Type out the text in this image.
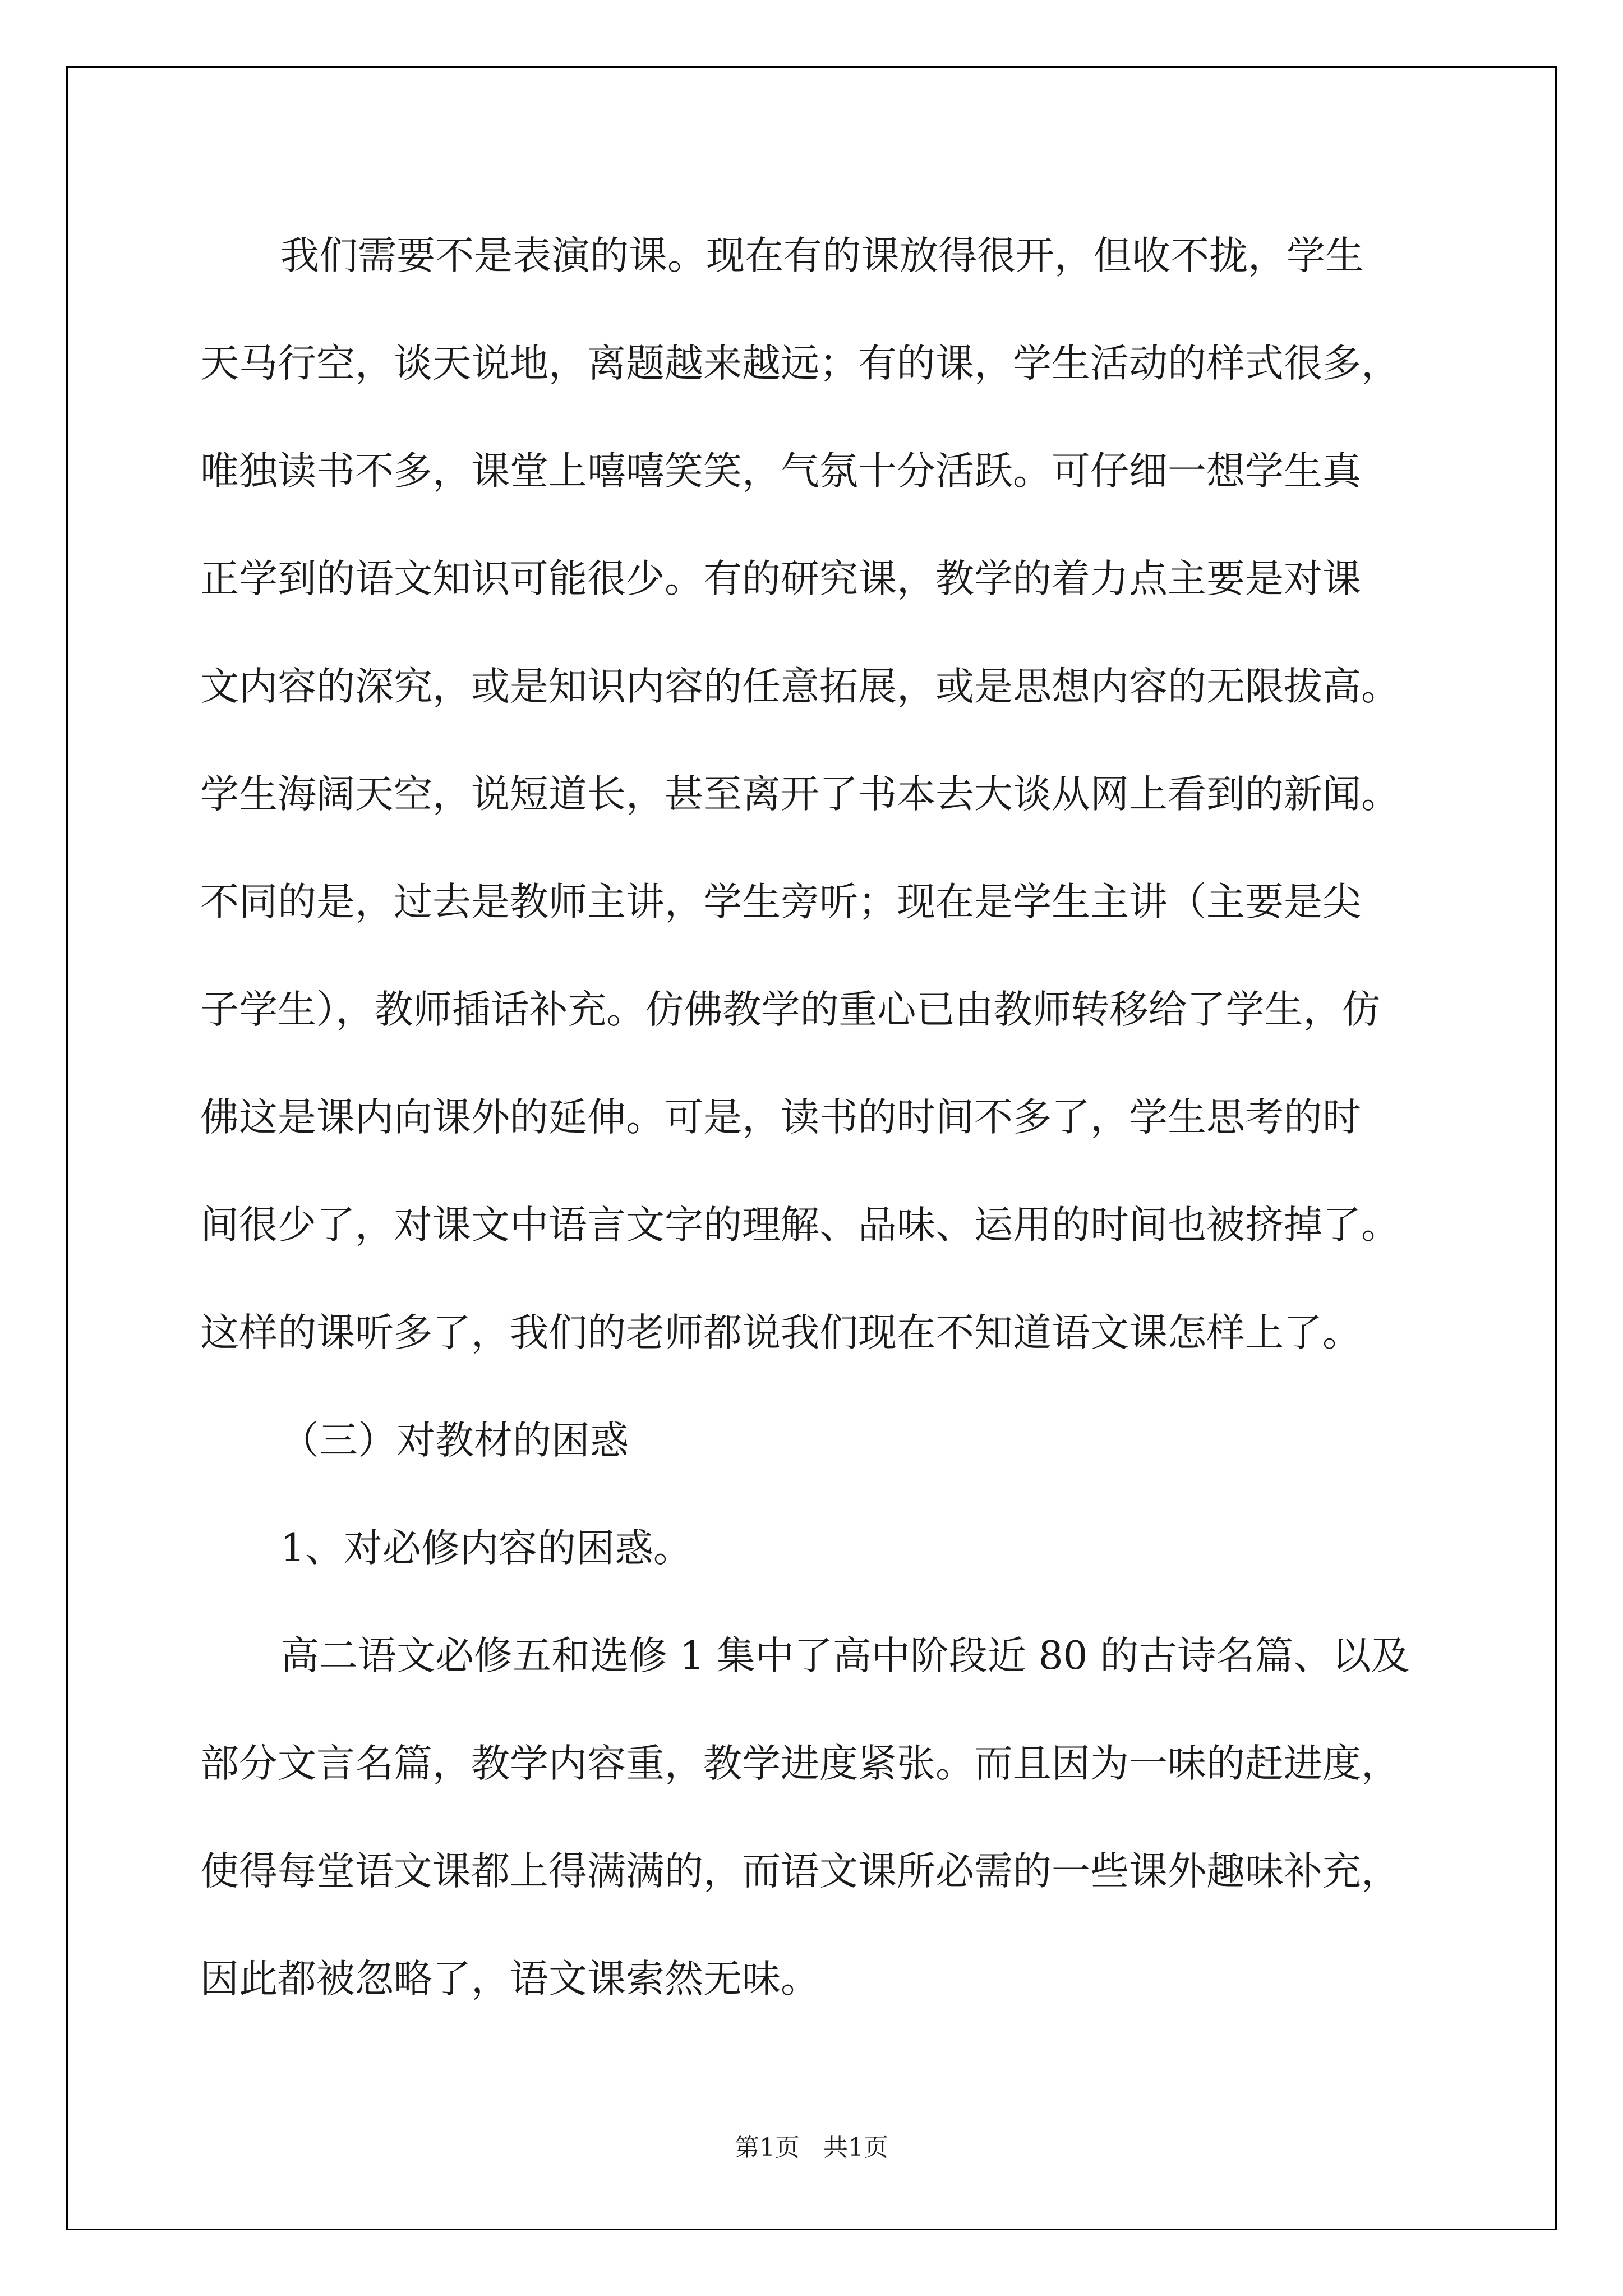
我们需要不是表演的课。现在有的课放得很开，但收不拢，学生
天马行空，谈天说地，离题越来越远；有的课，学生活动的样式很多，
唯独读书不多，课堂上嘻嘻笑笑，气氛十分活跃。可仔细一想学生真
正学到的语文知识可能很少。有的研究课，教学的着力点主要是对课
文内容的深究，或是知识内容的任意拓展，或是思想内容的无限拔高。
学生海阔天空，说短道长，甚至离开了书本去大谈从网上看到的新闻。
不同的是，过去是教师主讲，学生旁听；现在是学生主讲（主要是尖
子学生），教师插话补充。仿佛教学的重心已由教师转移给了学生，仿
佛这是课内向课外的延伸。可是，读书的时间不多了，学生思考的时
间很少了，对课文中语言文字的理解、品味、运用的时间也被挤掉了。
这样的课听多了，我们的老师都说我们现在不知道语文课怎样上了。
（三）对教材的困惑
1、对必修内容的困惑。
高二语文必修五和选修 1 集中了高中阶段近 80 的古诗名篇、以及
部分文言名篇，教学内容重，教学进度紧张。而且因为一味的赶进度，
使得每堂语文课都上得满满的，而语文课所必需的一些课外趣味补充，
因此都被忽略了，语文课索然无味。
第1页 共1页
